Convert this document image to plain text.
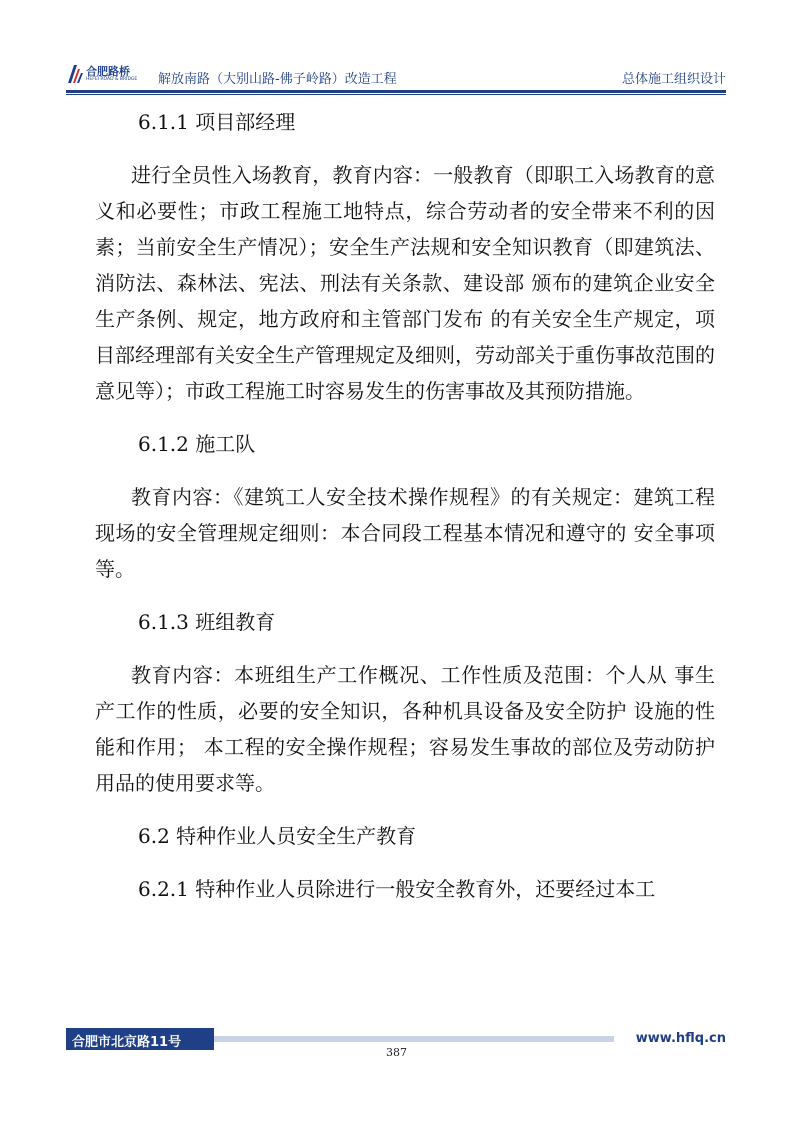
合肥路桥
HEFEI ROAD & BRIDGE 解放南路（大别山路-佛子岭路）改造工程	总体施工组织设计

6.1.1 项目部经理

进行全员性入场教育，教育内容：一般教育（即职工入场教育的意义和必要性；市政工程施工地特点，综合劳动者的安全带来不利的因素；当前安全生产情况）；安全生产法规和安全知识教育（即建筑法、消防法、森林法、宪法、刑法有关条款、建设部 颁布的建筑企业安全生产条例、规定，地方政府和主管部门发布 的有关安全生产规定，项目部经理部有关安全生产管理规定及细则，劳动部关于重伤事故范围的意见等）；市政工程施工时容易发生的伤害事故及其预防措施。

6.1.2 施工队

教育内容：《建筑工人安全技术操作规程》的有关规定：建筑工程现场的安全管理规定细则：本合同段工程基本情况和遵守的 安全事项等。

6.1.3 班组教育

教育内容：本班组生产工作概况、工作性质及范围：个人从 事生产工作的性质，必要的安全知识，各种机具设备及安全防护 设施的性能和作用； 本工程的安全操作规程；容易发生事故的部位及劳动防护用品的使用要求等。

6.2 特种作业人员安全生产教育

6.2.1 特种作业人员除进行一般安全教育外，还要经过本工

合肥市北京路11号	www.hflq.cn
387
